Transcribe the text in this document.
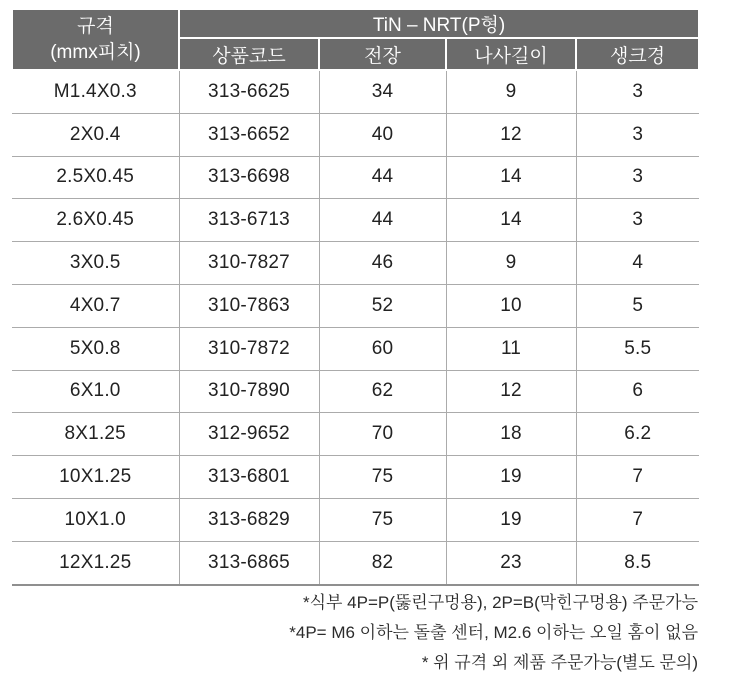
규격
(mmx피치)	TiN – NRT(P형)			
	상품코드	전장	나사길이	생크경
M1.4X0.3	313-6625	34	9	3
2X0.4	313-6652	40	12	3
2.5X0.45	313-6698	44	14	3
2.6X0.45	313-6713	44	14	3
3X0.5	310-7827	46	9	4
4X0.7	310-7863	52	10	5
5X0.8	310-7872	60	11	5.5
6X1.0	310-7890	62	12	6
8X1.25	312-9652	70	18	6.2
10X1.25	313-6801	75	19	7
10X1.0	313-6829	75	19	7
12X1.25	313-6865	82	23	8.5
*식부 4P=P(뚫린구멍용), 2P=B(막힌구멍용) 주문가능
*4P= M6 이하는 돌출 센터, M2.6 이하는 오일 홈이 없음
* 위 규격 외 제품 주문가능(별도 문의)
